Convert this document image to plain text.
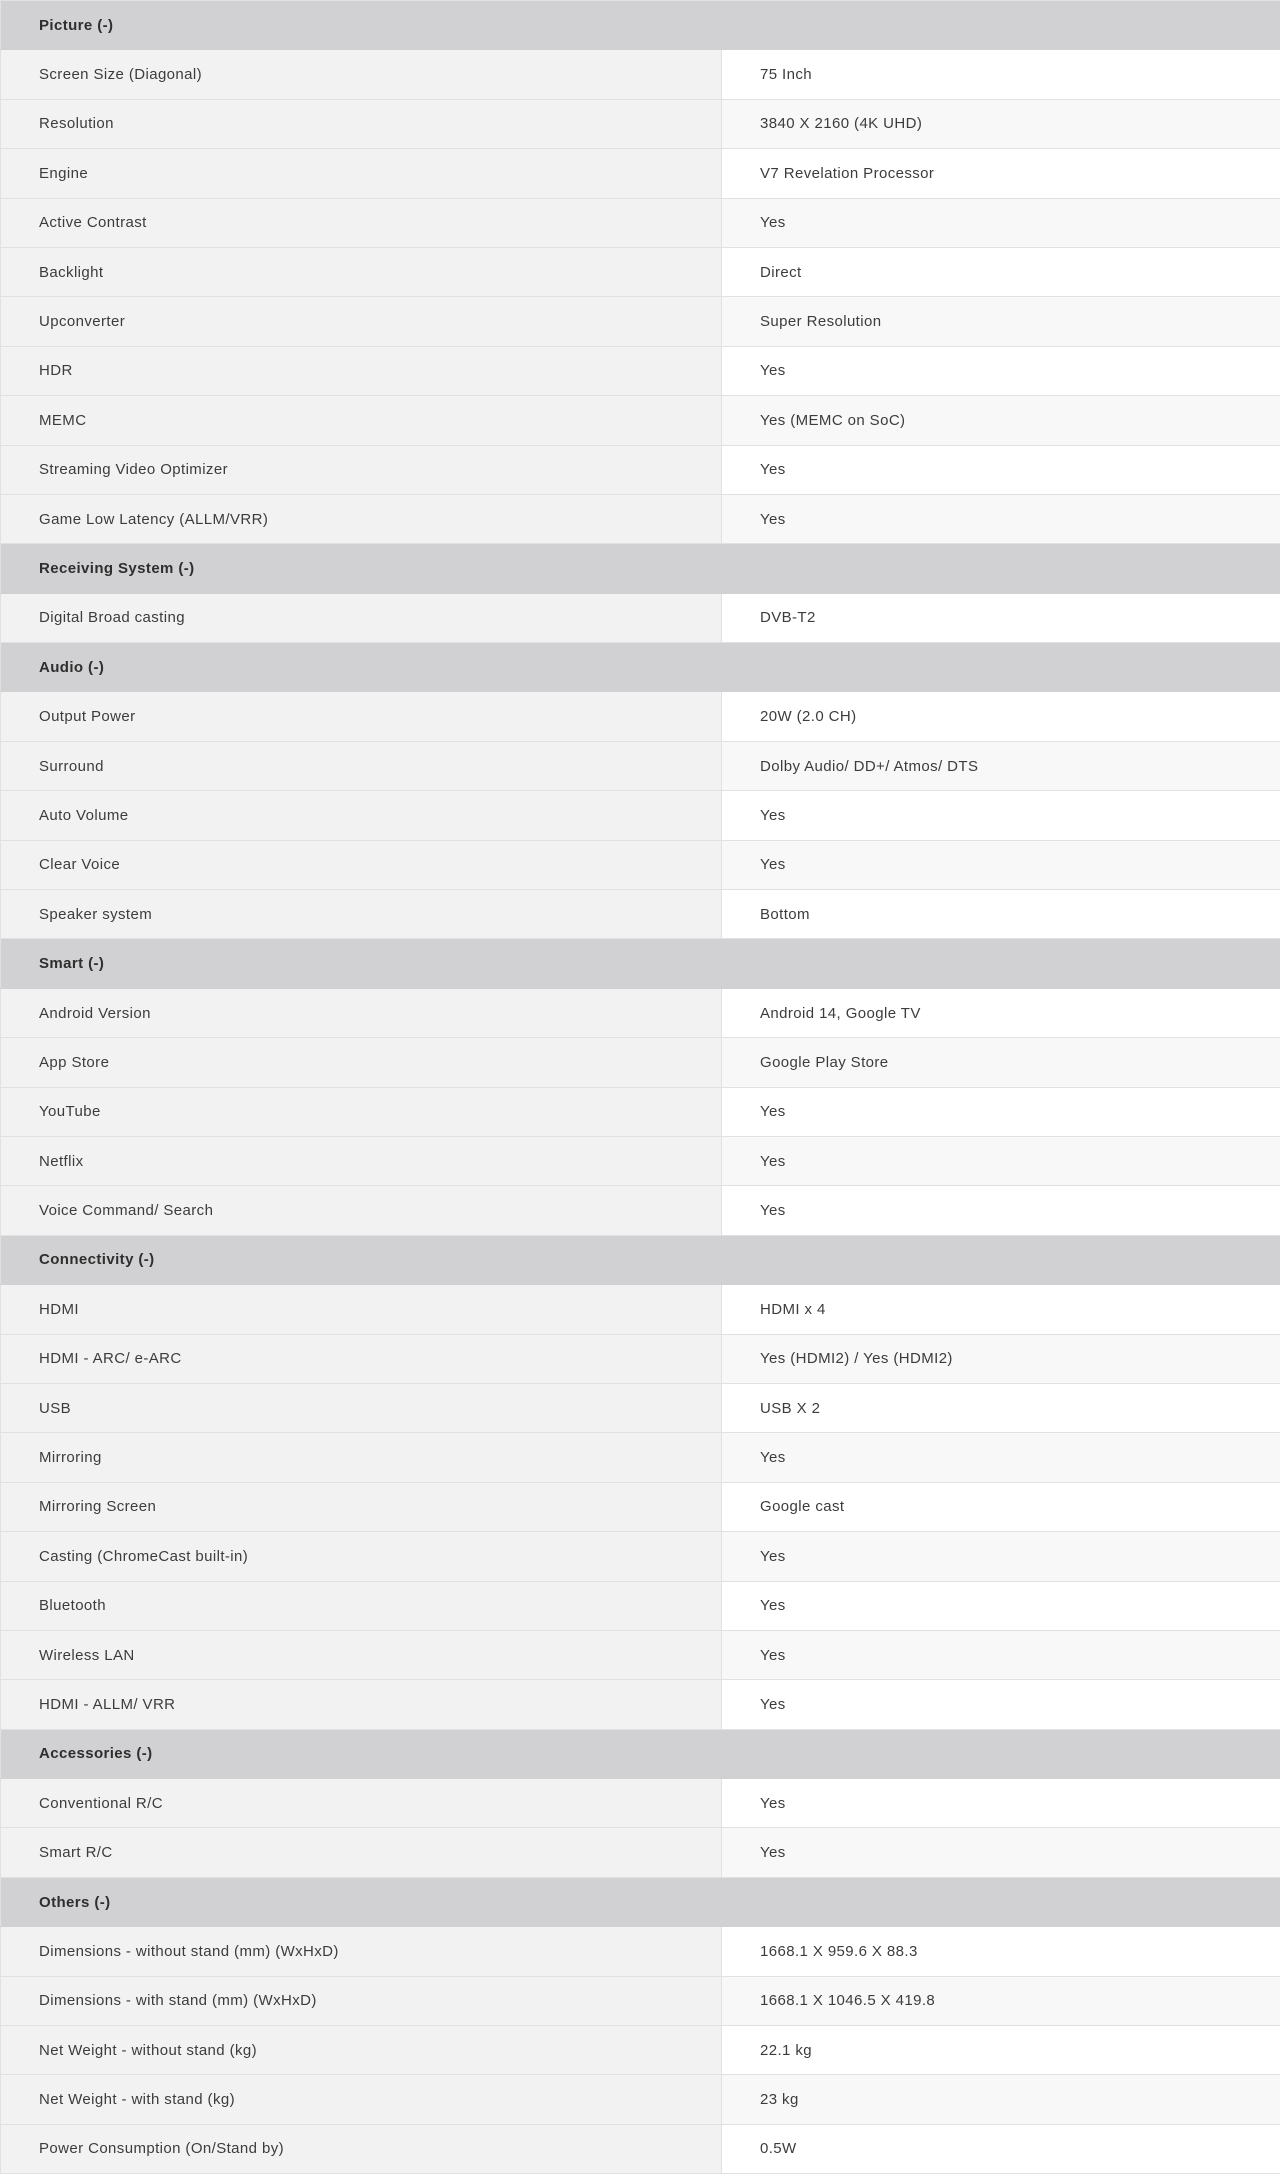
Picture (-)	
Screen Size (Diagonal)	75 Inch
Resolution	3840 X 2160 (4K UHD)
Engine	V7 Revelation Processor
Active Contrast	Yes
Backlight	Direct
Upconverter	Super Resolution
HDR	Yes
MEMC	Yes (MEMC on SoC)
Streaming Video Optimizer	Yes
Game Low Latency (ALLM/VRR)	Yes
Receiving System (-)	
Digital Broad casting	DVB-T2
Audio (-)	
Output Power	20W (2.0 CH)
Surround	Dolby Audio/ DD+/ Atmos/ DTS
Auto Volume	Yes
Clear Voice	Yes
Speaker system	Bottom
Smart (-)	
Android Version	Android 14, Google TV
App Store	Google Play Store
YouTube	Yes
Netflix	Yes
Voice Command/ Search	Yes
Connectivity (-)	
HDMI	HDMI x 4
HDMI - ARC/ e-ARC	Yes (HDMI2) / Yes (HDMI2)
USB	USB X 2
Mirroring	Yes
Mirroring Screen	Google cast
Casting (ChromeCast built-in)	Yes
Bluetooth	Yes
Wireless LAN	Yes
HDMI - ALLM/ VRR	Yes
Accessories (-)	
Conventional R/C	Yes
Smart R/C	Yes
Others (-)	
Dimensions - without stand (mm) (WxHxD)	1668.1 X 959.6 X 88.3
Dimensions - with stand (mm) (WxHxD)	1668.1 X 1046.5 X 419.8
Net Weight - without stand (kg)	22.1 kg
Net Weight - with stand (kg)	23 kg
Power Consumption (On/Stand by)	0.5W
